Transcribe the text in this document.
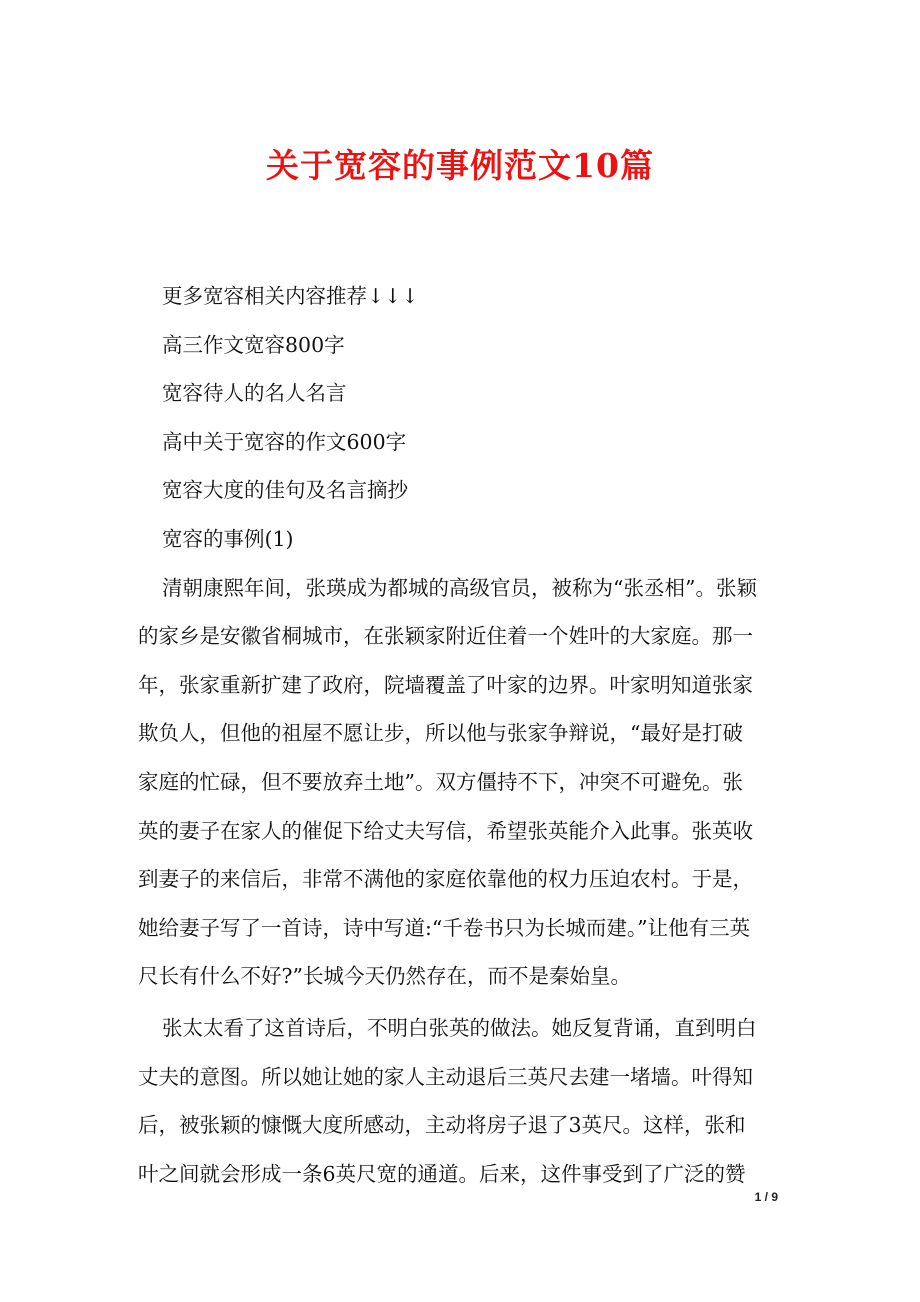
关于宽容的事例范文10篇
更多宽容相关内容推荐↓↓↓
高三作文宽容800字
宽容待人的名人名言
高中关于宽容的作文600字
宽容大度的佳句及名言摘抄
宽容的事例(1)
清朝康熙年间，张瑛成为都城的高级官员，被称为“张丞相”。张颖
的家乡是安徽省桐城市，在张颖家附近住着一个姓叶的大家庭。那一
年，张家重新扩建了政府，院墙覆盖了叶家的边界。叶家明知道张家
欺负人，但他的祖屋不愿让步，所以他与张家争辩说，“最好是打破
家庭的忙碌，但不要放弃土地”。双方僵持不下，冲突不可避免。张
英的妻子在家人的催促下给丈夫写信，希望张英能介入此事。张英收
到妻子的来信后，非常不满他的家庭依靠他的权力压迫农村。于是，
她给妻子写了一首诗，诗中写道:“千卷书只为长城而建。”让他有三英
尺长有什么不好?”长城今天仍然存在，而不是秦始皇。
张太太看了这首诗后，不明白张英的做法。她反复背诵，直到明白
丈夫的意图。所以她让她的家人主动退后三英尺去建一堵墙。叶得知
后，被张颖的慷慨大度所感动，主动将房子退了3英尺。这样，张和
叶之间就会形成一条6英尺宽的通道。后来，这件事受到了广泛的赞
1 / 9
